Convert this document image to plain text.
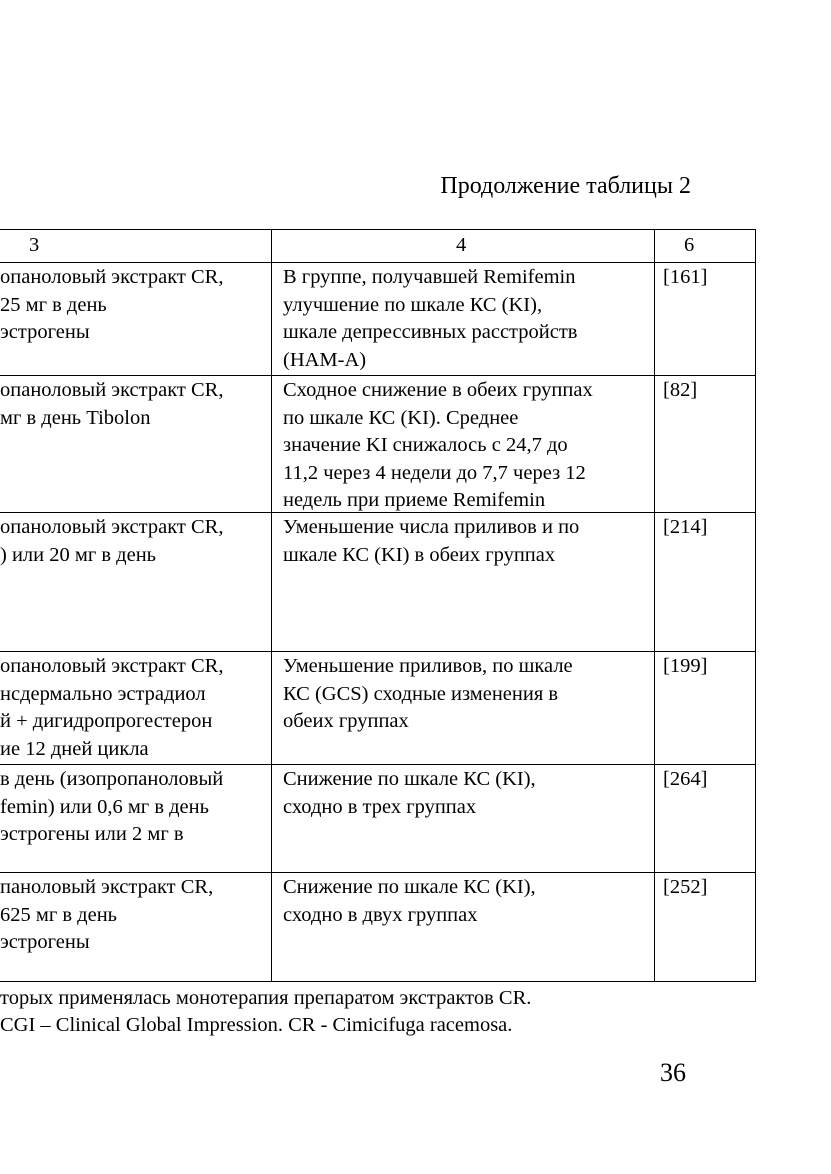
Продолжение таблицы 2
3	4	6
опаноловый экстракт CR,
25 мг в день
эстрогены
В группе, получавшей Remifemin
улучшение по шкале КС (KI),
шкале депрессивных расстройств
(HAM-A)
[161]
опаноловый экстракт CR,
мг в день Tibolon
Сходное снижение в обеих группах
по шкале КС (KI). Среднее
значение KI снижалось с 24,7 до
11,2 через 4 недели до 7,7 через 12
недель при приеме Remifemin
[82]
опаноловый экстракт CR,
) или 20 мг в день
Уменьшение числа приливов и по
шкале КС (KI) в обеих группах
[214]
опаноловый экстракт CR,
нсдермально эстрадиол
й + дигидропрогестерон
ие 12 дней цикла
Уменьшение приливов, по шкале
КС (GCS) сходные изменения в
обеих группах
[199]
в день (изопропаноловый
femin) или 0,6 мг в день
эстрогены или 2 мг в
Снижение по шкале КС (KI),
сходно в трех группах
[264]
паноловый экстракт CR,
625 мг в день
эстрогены
Снижение по шкале КС (KI),
сходно в двух группах
[252]
торых применялась монотерапия препаратом экстрактов CR.
CGI – Clinical Global Impression. CR - Cimicifuga racemosa.
36
